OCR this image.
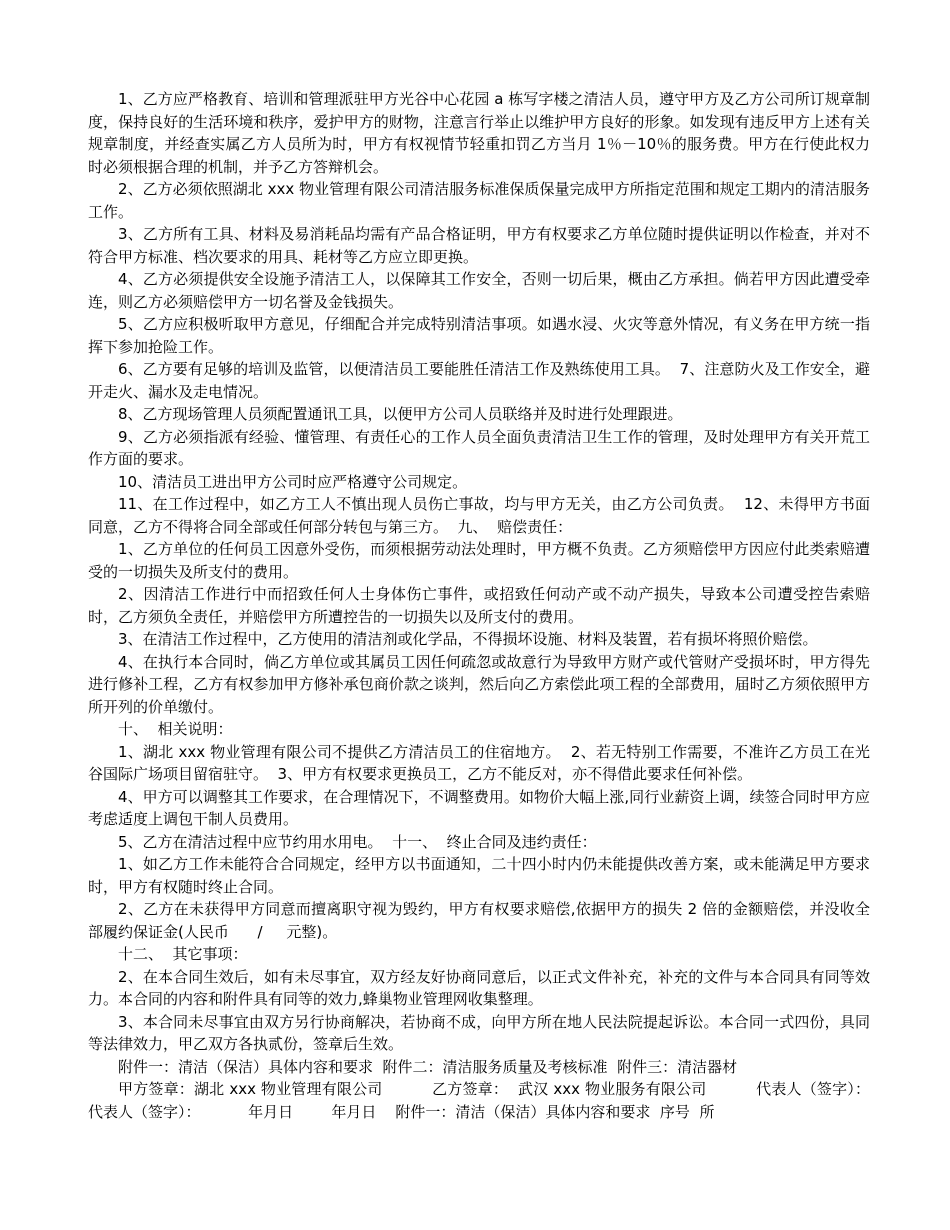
1、乙方应严格教育、培训和管理派驻甲方光谷中心花园 a 栋写字楼之清洁人员，遵守甲方及乙方公司所订规章制度，保持良好的生活环境和秩序，爱护甲方的财物，注意言行举止以维护甲方良好的形象。如发现有违反甲方上述有关规章制度，并经查实属乙方人员所为时，甲方有权视情节轻重扣罚乙方当月 1％－10％的服务费。甲方在行使此权力时必须根据合理的机制，并予乙方答辩机会。

2、乙方必须依照湖北 xxx 物业管理有限公司清洁服务标准保质保量完成甲方所指定范围和规定工期内的清洁服务工作。

3、乙方所有工具、材料及易消耗品均需有产品合格证明，甲方有权要求乙方单位随时提供证明以作检查，并对不符合甲方标准、档次要求的用具、耗材等乙方应立即更换。

4、乙方必须提供安全设施予清洁工人，以保障其工作安全，否则一切后果，概由乙方承担。倘若甲方因此遭受牵连，则乙方必须赔偿甲方一切名誉及金钱损失。

5、乙方应积极听取甲方意见，仔细配合并完成特别清洁事项。如遇水浸、火灾等意外情况，有义务在甲方统一指挥下参加抢险工作。

6、乙方要有足够的培训及监管，以便清洁员工要能胜任清洁工作及熟练使用工具。  7、注意防火及工作安全，避开走火、漏水及走电情况。

8、乙方现场管理人员须配置通讯工具，以便甲方公司人员联络并及时进行处理跟进。

9、乙方必须指派有经验、懂管理、有责任心的工作人员全面负责清洁卫生工作的管理，及时处理甲方有关开荒工作方面的要求。

10、清洁员工进出甲方公司时应严格遵守公司规定。

11、在工作过程中，如乙方工人不慎出现人员伤亡事故，均与甲方无关，由乙方公司负责。  12、未得甲方书面同意，乙方不得将合同全部或任何部分转包与第三方。  九、  赔偿责任：

1、乙方单位的任何员工因意外受伤，而须根据劳动法处理时，甲方概不负责。乙方须赔偿甲方因应付此类索赔遭受的一切损失及所支付的费用。

2、因清洁工作进行中而招致任何人士身体伤亡事件，或招致任何动产或不动产损失，导致本公司遭受控告索赔时，乙方须负全责任，并赔偿甲方所遭控告的一切损失以及所支付的费用。

3、在清洁工作过程中，乙方使用的清洁剂或化学品，不得损坏设施、材料及装置，若有损坏将照价赔偿。

4、在执行本合同时，倘乙方单位或其属员工因任何疏忽或故意行为导致甲方财产或代管财产受损坏时，甲方得先进行修补工程，乙方有权参加甲方修补承包商价款之谈判，然后向乙方索偿此项工程的全部费用，届时乙方须依照甲方所开列的价单缴付。

十、  相关说明：

1、湖北 xxx 物业管理有限公司不提供乙方清洁员工的住宿地方。  2、若无特别工作需要，不准许乙方员工在光谷国际广场项目留宿驻守。  3、甲方有权要求更换员工，乙方不能反对，亦不得借此要求任何补偿。

4、甲方可以调整其工作要求，在合理情况下，不调整费用。如物价大幅上涨,同行业薪资上调，续签合同时甲方应考虑适度上调包干制人员费用。

5、乙方在清洁过程中应节约用水用电。  十一、  终止合同及违约责任：

1、如乙方工作未能符合合同规定，经甲方以书面通知，二十四小时内仍未能提供改善方案，或未能满足甲方要求时，甲方有权随时终止合同。

2、乙方在未获得甲方同意而擅离职守视为毁约，甲方有权要求赔偿,依据甲方的损失 2 倍的金额赔偿，并没收全部履约保证金(人民币      /     元整)。

十二、  其它事项：

2、在本合同生效后，如有未尽事宜，双方经友好协商同意后，以正式文件补充，补充的文件与本合同具有同等效力。本合同的内容和附件具有同等的效力,蜂巢物业管理网收集整理。

3、本合同未尽事宜由双方另行协商解决，若协商不成，向甲方所在地人民法院提起诉讼。本合同一式四份，具同等法律效力，甲乙双方各执贰份，签章后生效。

附件一：清洁（保洁）具体内容和要求  附件二：清洁服务质量及考核标准  附件三：清洁器材

甲方签章：湖北 xxx 物业管理有限公司          乙方签章：  武汉 xxx 物业服务有限公司          代表人（签字）：        代表人（签字）：          年月日        年月日    附件一：清洁（保洁）具体内容和要求  序号  所
